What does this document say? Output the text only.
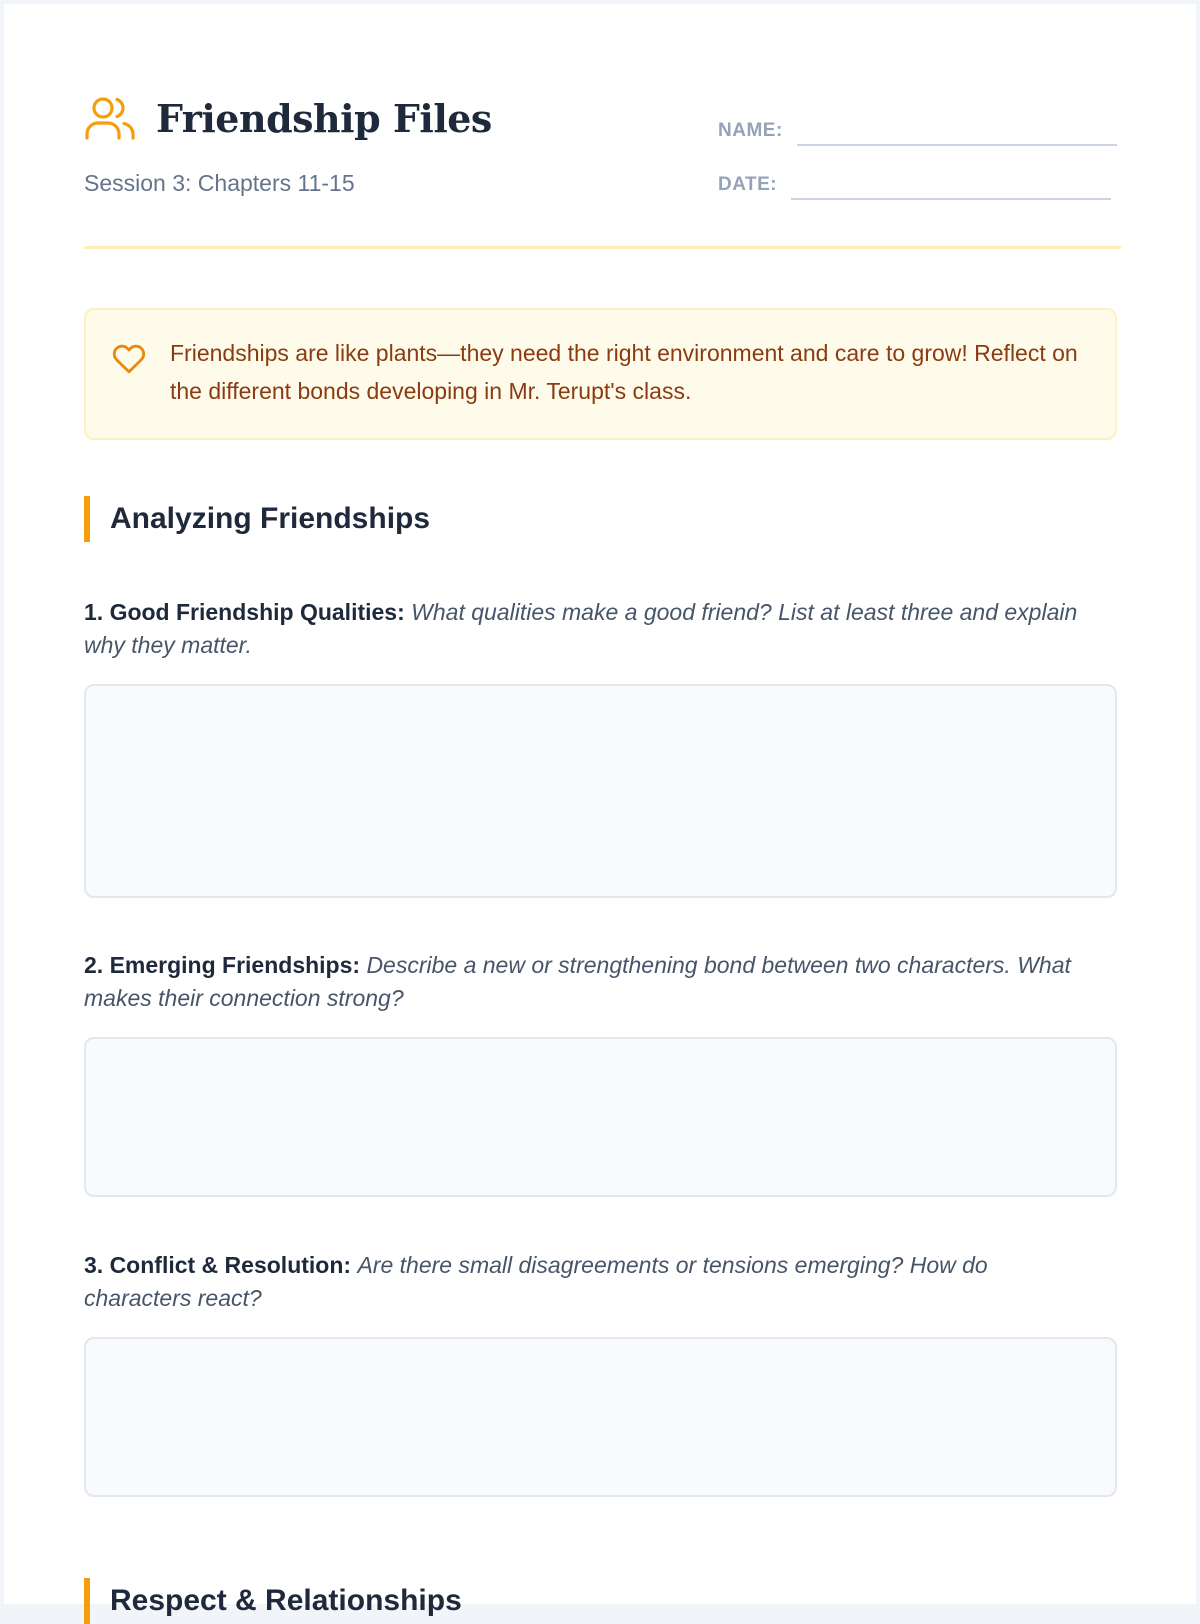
Friendship Files
Session 3: Chapters 11-15
NAME:
DATE:
Friendships are like plants—they need the right environment and care to grow! Reflect on the different bonds developing in Mr. Terupt's class.
Analyzing Friendships
1. Good Friendship Qualities: What qualities make a good friend? List at least three and explain why they matter.
2. Emerging Friendships: Describe a new or strengthening bond between two characters. What makes their connection strong?
3. Conflict & Resolution: Are there small disagreements or tensions emerging? How do characters react?
Respect & Relationships
